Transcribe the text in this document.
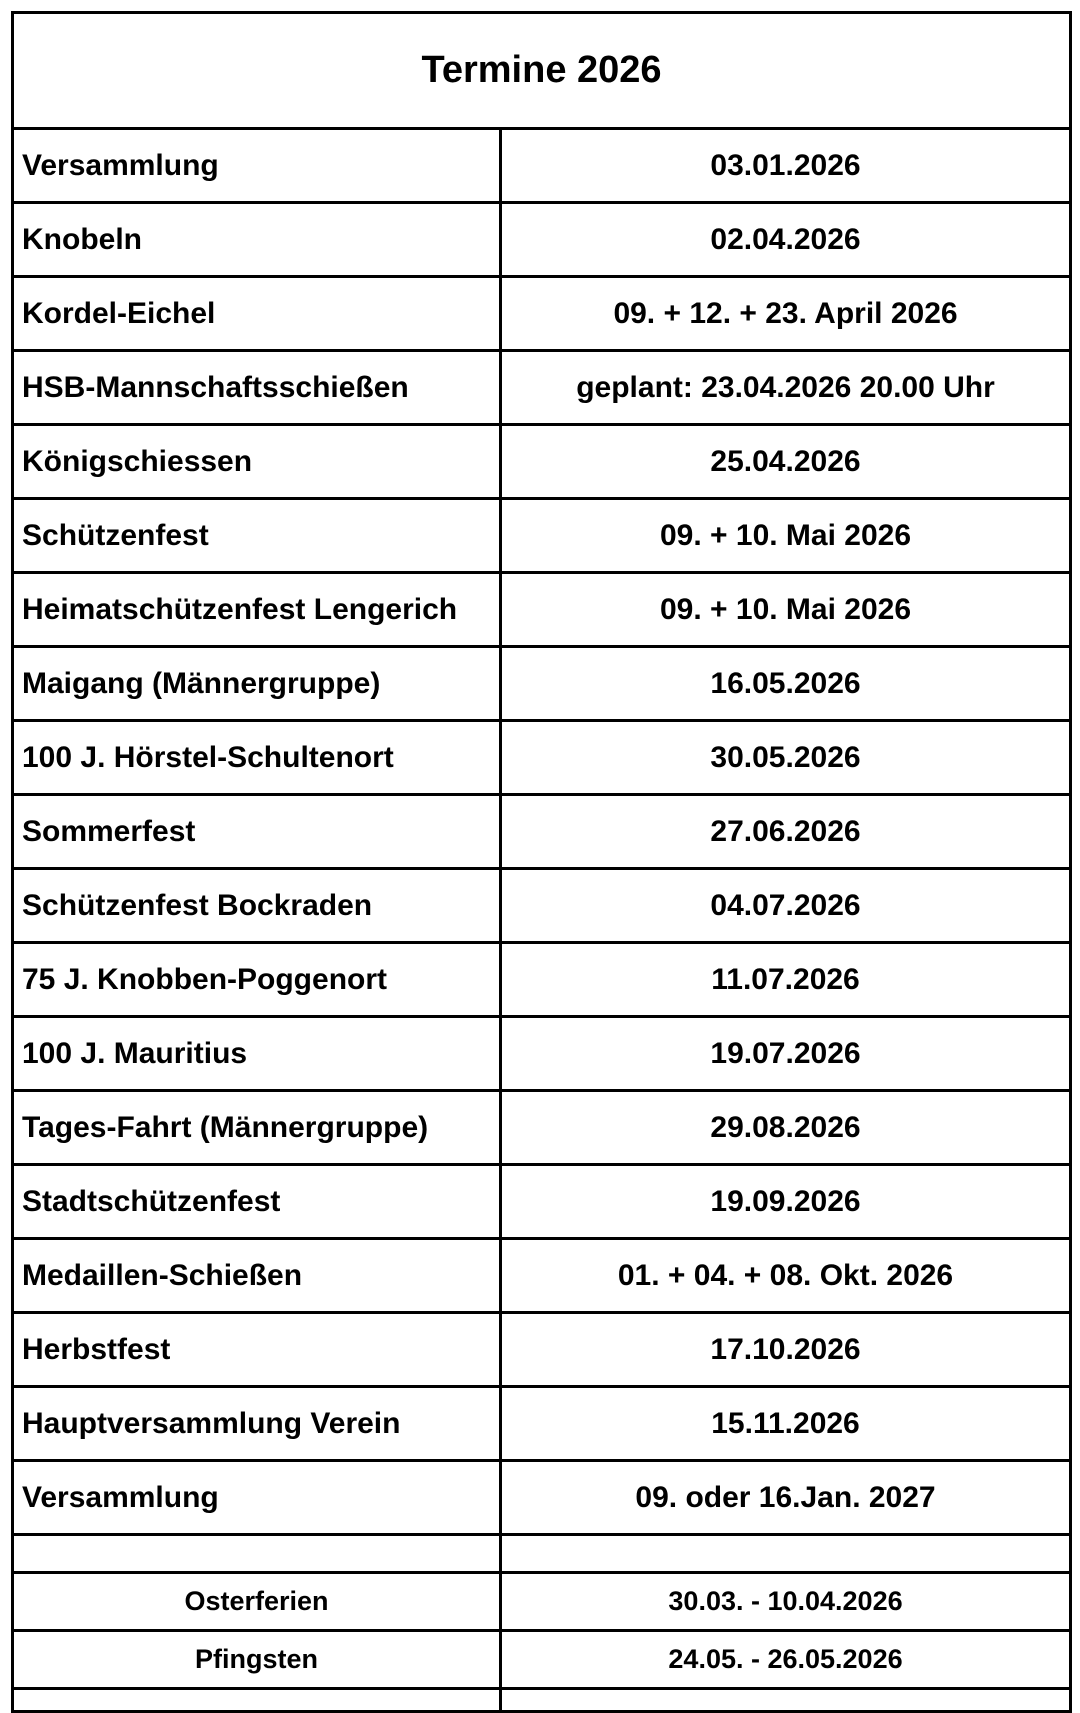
Termine 2026	
Versammlung	03.01.2026
Knobeln	02.04.2026
Kordel-Eichel	09. + 12. + 23. April 2026
HSB-Mannschaftsschießen	geplant: 23.04.2026 20.00 Uhr
Königschiessen	25.04.2026
Schützenfest	09. + 10. Mai 2026
Heimatschützenfest Lengerich	09. + 10. Mai 2026
Maigang (Männergruppe)	16.05.2026
100 J. Hörstel-Schultenort	30.05.2026
Sommerfest	27.06.2026
Schützenfest Bockraden	04.07.2026
75 J. Knobben-Poggenort	11.07.2026
100 J. Mauritius	19.07.2026
Tages-Fahrt (Männergruppe)	29.08.2026
Stadtschützenfest	19.09.2026
Medaillen-Schießen	01. + 04. + 08. Okt. 2026
Herbstfest	17.10.2026
Hauptversammlung Verein	15.11.2026
Versammlung	09. oder 16.Jan. 2027

Osterferien	30.03. - 10.04.2026
Pfingsten	24.05. - 26.05.2026
